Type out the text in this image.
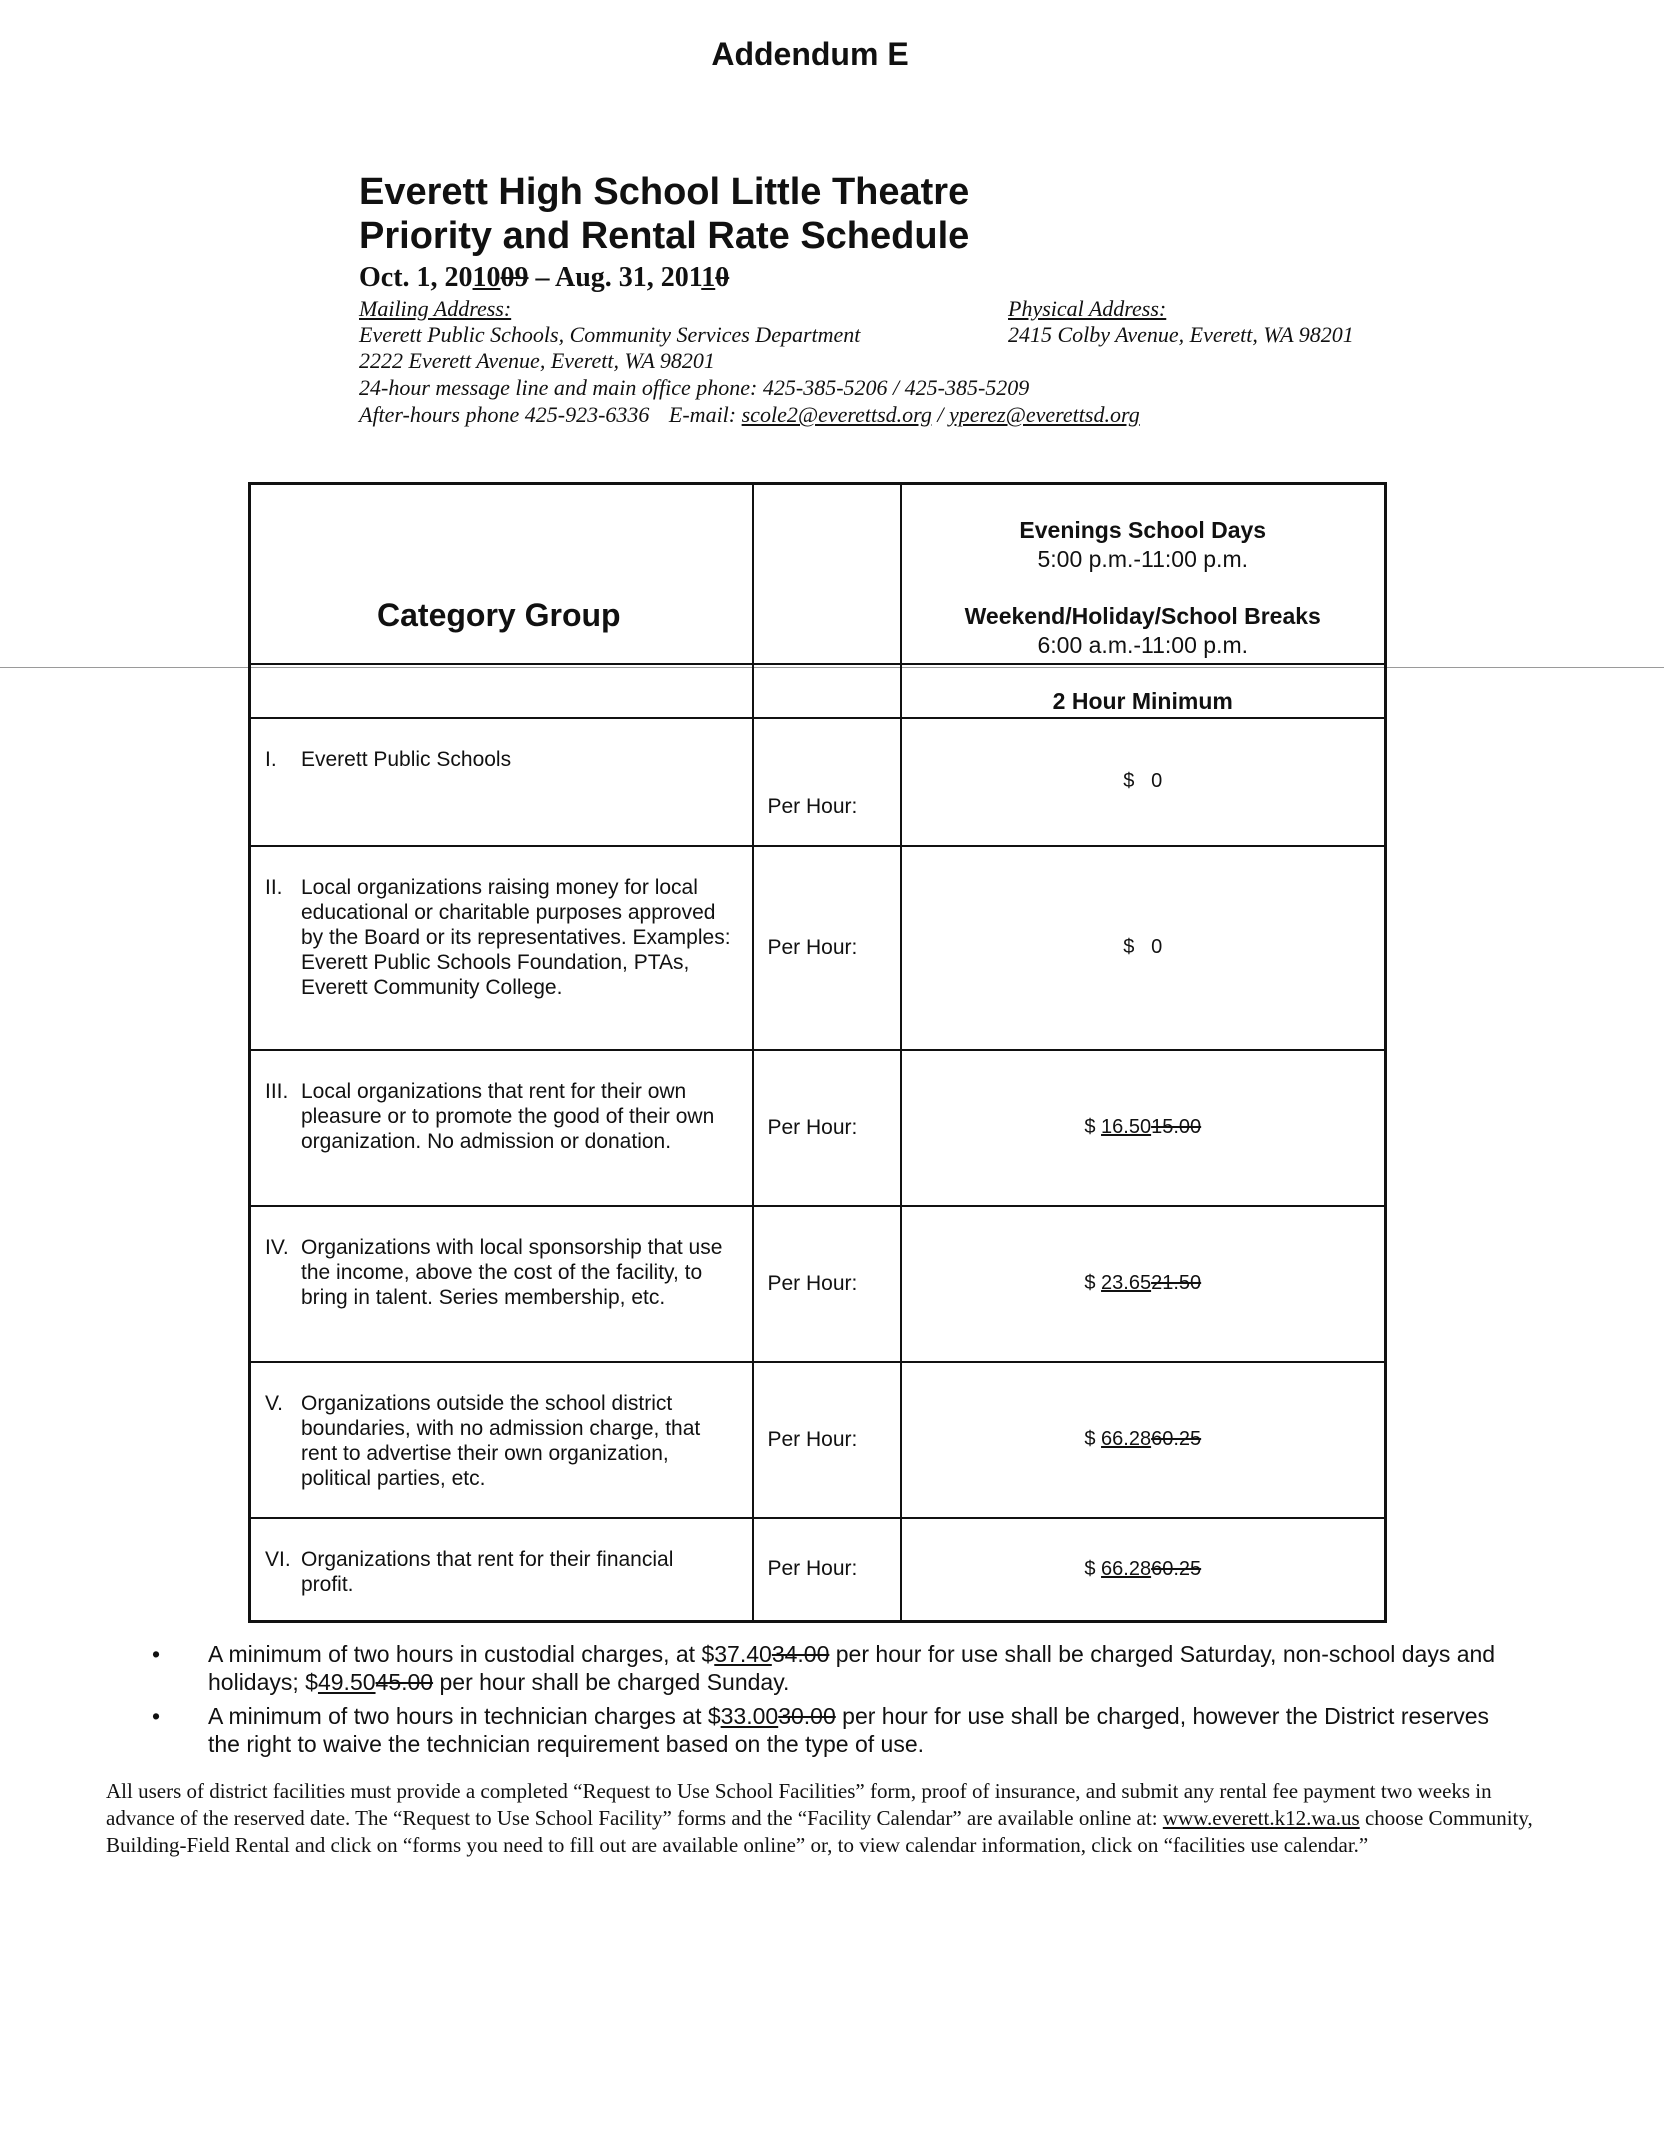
Addendum E
Everett High School Little Theatre
Priority and Rental Rate Schedule
Oct. 1, 201009 – Aug. 31, 20110
Mailing Address:
Everett Public Schools, Community Services Department
2222 Everett Avenue, Everett, WA 98201
Physical Address:
2415 Colby Avenue, Everett, WA 98201
24-hour message line and main office phone: 425-385-5206 / 425-385-5209
After-hours phone 425-923-6336 E-mail: scole2@everettsd.org / yperez@everettsd.org
Category Group		Evenings School Days
5:00 p.m.-11:00 p.m.
Weekend/Holiday/School Breaks
6:00 a.m.-11:00 p.m.

		2 Hour Minimum
I. Everett Public Schools	Per Hour:	$ 0
II. Local organizations raising money for local educational or charitable purposes approved by the Board or its representatives. Examples: Everett Public Schools Foundation, PTAs, Everett Community College.	Per Hour:	$ 0
III. Local organizations that rent for their own pleasure or to promote the good of their own organization. No admission or donation.	Per Hour:	$ 16.5015.00
IV. Organizations with local sponsorship that use the income, above the cost of the facility, to bring in talent. Series membership, etc.	Per Hour:	$ 23.6521.50
V. Organizations outside the school district boundaries, with no admission charge, that rent to advertise their own organization, political parties, etc.	Per Hour:	$ 66.2860.25
VI. Organizations that rent for their financial profit.	Per Hour:	$ 66.2860.25
• A minimum of two hours in custodial charges, at $37.4034.00 per hour for use shall be charged Saturday, non-school days and holidays; $49.5045.00 per hour shall be charged Sunday.
• A minimum of two hours in technician charges at $33.0030.00 per hour for use shall be charged, however the District reserves the right to waive the technician requirement based on the type of use.
All users of district facilities must provide a completed “Request to Use School Facilities” form, proof of insurance, and submit any rental fee payment two weeks in advance of the reserved date. The “Request to Use School Facility” forms and the “Facility Calendar” are available online at: www.everett.k12.wa.us choose Community, Building-Field Rental and click on “forms you need to fill out are available online” or, to view calendar information, click on “facilities use calendar.”
